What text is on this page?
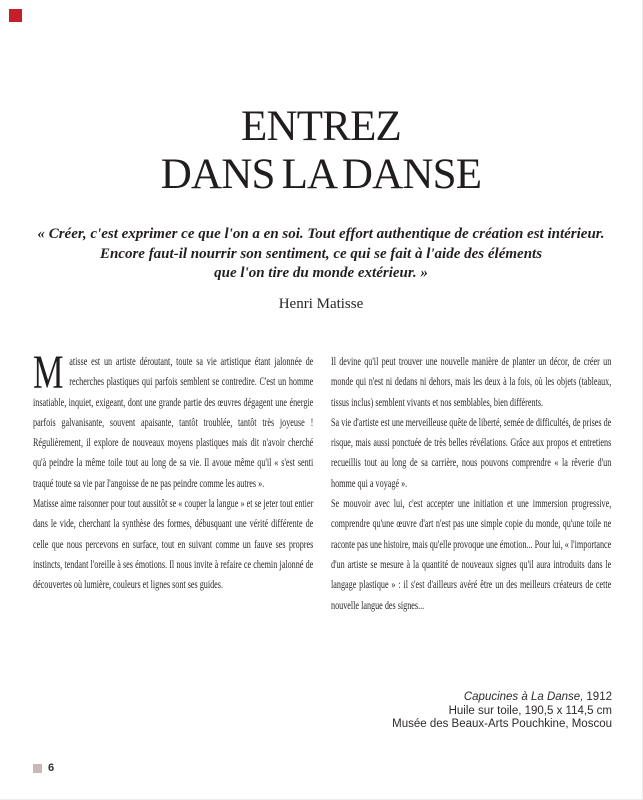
ENTREZ
DANS LA DANSE
« Créer, c'est exprimer ce que l'on a en soi. Tout effort authentique de création est intérieur.
Encore faut-il nourrir son sentiment, ce qui se fait à l'aide des éléments
que l'on tire du monde extérieur. »
Henri Matisse

Matisse est un artiste déroutant, toute sa vie artistique étant jalonnée de recherches plastiques qui parfois semblent se contredire. C'est un homme insatiable, inquiet, exigeant, dont une grande partie des œuvres dégagent une énergie parfois galvanisante, souvent apaisante, tantôt troublée, tantôt très joyeuse ! Régulièrement, il explore de nouveaux moyens plastiques mais dit n'avoir cherché qu'à peindre la même toile tout au long de sa vie. Il avoue même qu'il « s'est senti traqué toute sa vie par l'angoisse de ne pas peindre comme les autres ».

Matisse aime raisonner pour tout aussitôt se « couper la langue » et se jeter tout entier dans le vide, cherchant la synthèse des formes, débusquant une vérité différente de celle que nous percevons en surface, tout en suivant comme un fauve ses propres instincts, tendant l'oreille à ses émotions. Il nous invite à refaire ce chemin jalonné de découvertes où lumière, couleurs et lignes sont ses guides.

Il devine qu'il peut trouver une nouvelle manière de planter un décor, de créer un monde qui n'est ni dedans ni dehors, mais les deux à la fois, où les objets (tableaux, tissus inclus) semblent vivants et nos semblables, bien différents.

Sa vie d'artiste est une merveilleuse quête de liberté, semée de difficultés, de prises de risque, mais aussi ponctuée de très belles révélations. Grâce aux propos et entretiens recueillis tout au long de sa carrière, nous pouvons comprendre « la rêverie d'un homme qui a voyagé ».

Se mouvoir avec lui, c'est accepter une initiation et une immersion progressive, comprendre qu'une œuvre d'art n'est pas une simple copie du monde, qu'une toile ne raconte pas une histoire, mais qu'elle provoque une émotion... Pour lui, « l'importance d'un artiste se mesure à la quantité de nouveaux signes qu'il aura introduits dans le langage plastique » : il s'est d'ailleurs avéré être un des meilleurs créateurs de cette nouvelle langue des signes...

Capucines à La Danse, 1912
Huile sur toile, 190,5 x 114,5 cm
Musée des Beaux-Arts Pouchkine, Moscou
6
